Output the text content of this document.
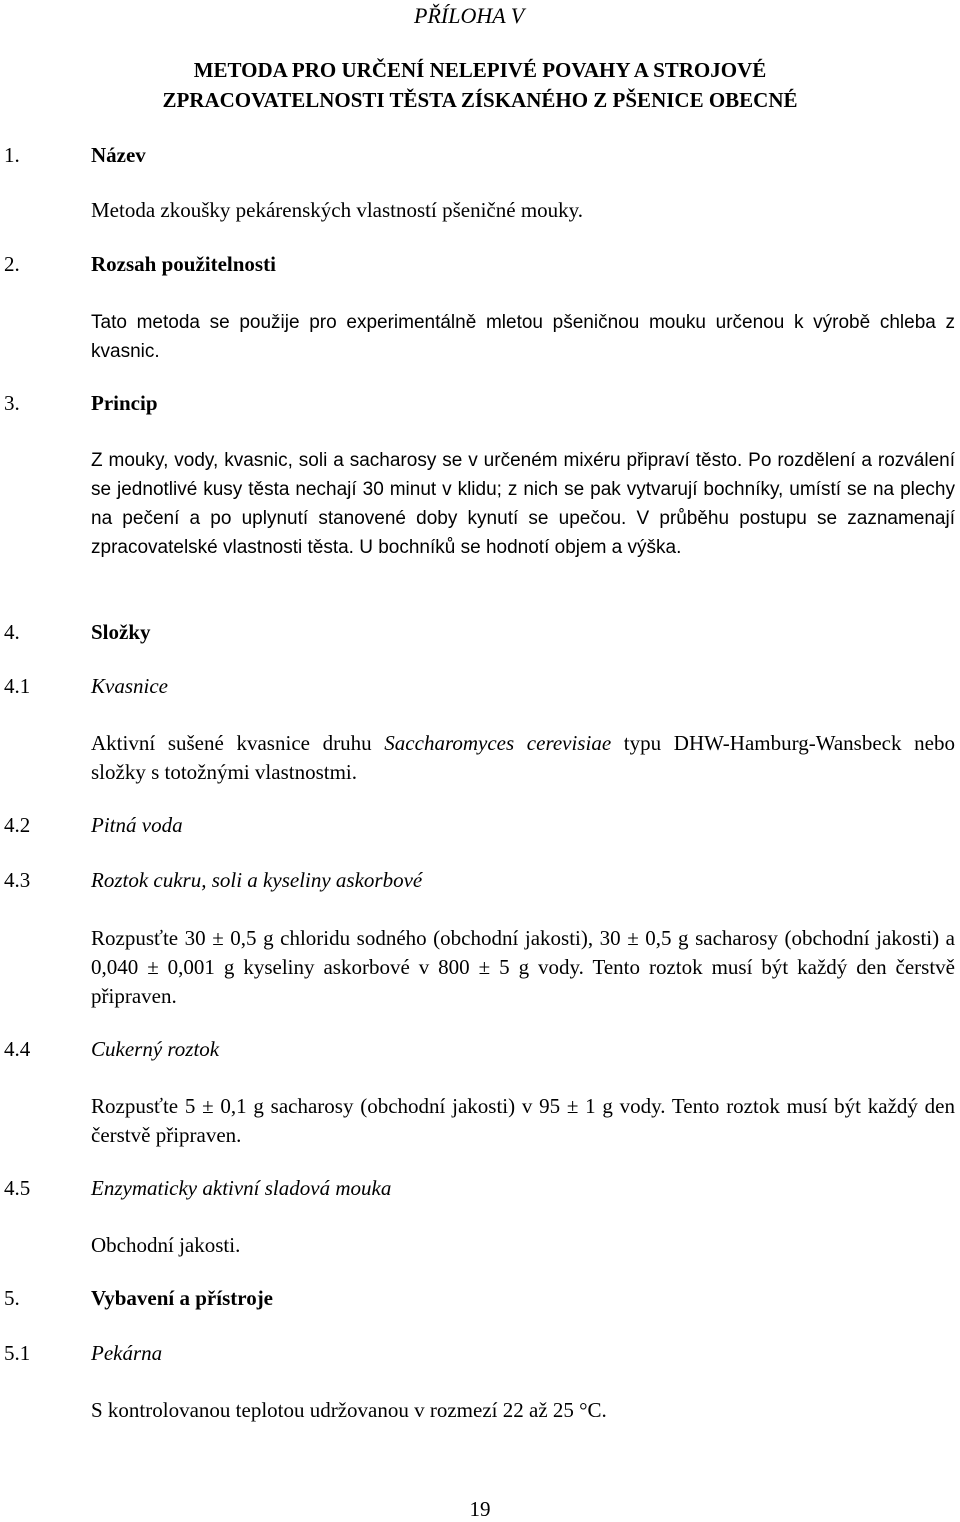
PŘÍLOHA V
METODA PRO URČENÍ NELEPIVÉ POVAHY A STROJOVÉ
ZPRACOVATELNOSTI TĚSTA ZÍSKANÉHO Z PŠENICE OBECNÉ
1.	Název
Metoda zkoušky pekárenských vlastností pšeničné mouky.
2.	Rozsah použitelnosti
Tato metoda se použije pro experimentálně mletou pšeničnou mouku určenou k výrobě chleba z kvasnic.
3.	Princip
Z mouky, vody, kvasnic, soli a sacharosy se v určeném mixéru připraví těsto. Po rozdělení a rozválení se jednotlivé kusy těsta nechají 30 minut v klidu; z nich se pak vytvarují bochníky, umístí se na plechy na pečení a po uplynutí stanovené doby kynutí se upečou. V průběhu postupu se zaznamenají zpracovatelské vlastnosti těsta. U bochníků se hodnotí objem a výška.
4.	Složky
4.1	Kvasnice
Aktivní sušené kvasnice druhu Saccharomyces cerevisiae typu DHW-Hamburg-Wansbeck nebo složky s totožnými vlastnostmi.
4.2	Pitná voda
4.3	Roztok cukru, soli a kyseliny askorbové
Rozpusťte 30 ± 0,5 g chloridu sodného (obchodní jakosti), 30 ± 0,5 g sacharosy (obchodní jakosti) a 0,040 ± 0,001 g kyseliny askorbové v 800 ± 5 g vody. Tento roztok musí být každý den čerstvě připraven.
4.4	Cukerný roztok
Rozpusťte 5 ± 0,1 g sacharosy (obchodní jakosti) v 95 ± 1 g vody. Tento roztok musí být každý den čerstvě připraven.
4.5	Enzymaticky aktivní sladová mouka
Obchodní jakosti.
5.	Vybavení a přístroje
5.1	Pekárna
S kontrolovanou teplotou udržovanou v rozmezí 22 až 25 °C.
19
